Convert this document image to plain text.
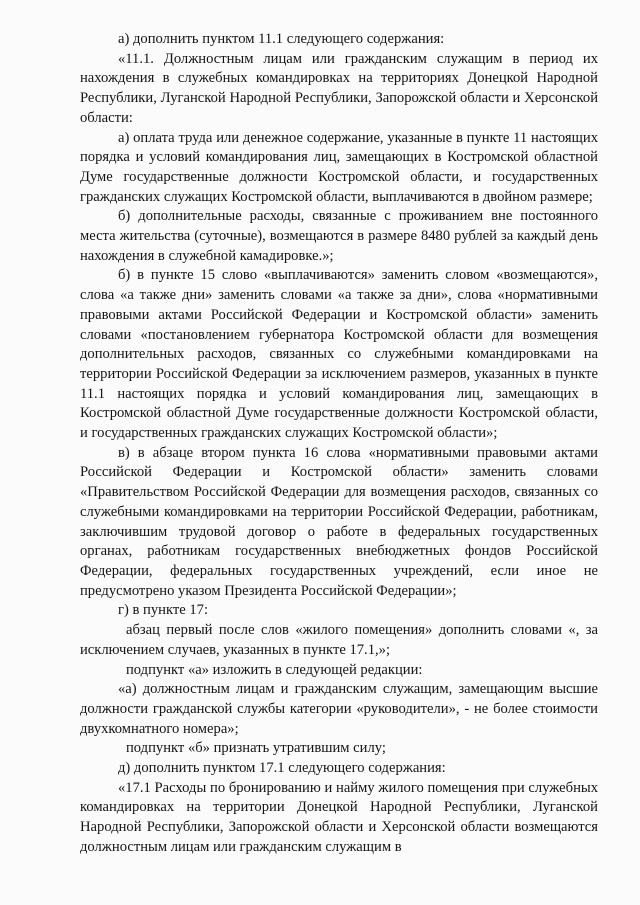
а) дополнить пунктом 11.1 следующего содержания:

«11.1. Должностным лицам или гражданским служащим в период их нахождения в служебных командировках на территориях Донецкой Народной Республики, Луганской Народной Республики, Запорожской области и Херсонской области:

а) оплата труда или денежное содержание, указанные в пункте 11 настоящих порядка и условий командирования лиц, замещающих в Костромской областной Думе государственные должности Костромской области, и государственных гражданских служащих Костромской области, выплачиваются в двойном размере;

б) дополнительные расходы, связанные с проживанием вне постоянного места жительства (суточные), возмещаются в размере 8480 рублей за каждый день нахождения в служебной камадировке.»;

б) в пункте 15 слово «выплачиваются» заменить словом «возмещаются», слова «а также дни» заменить словами «а также за дни», слова «нормативными правовыми актами Российской Федерации и Костромской области» заменить словами «постановлением губернатора Костромской области для возмещения дополнительных расходов, связанных со служебными командировками на территории Российской Федерации за исключением размеров, указанных в пункте 11.1 настоящих порядка и условий командирования лиц, замещающих в Костромской областной Думе государственные должности Костромской области, и государственных гражданских служащих Костромской области»;

в) в абзаце втором пункта 16 слова «нормативными правовыми актами Российской Федерации и Костромской области» заменить словами «Правительством Российской Федерации для возмещения расходов, связанных со служебными командировками на территории Российской Федерации, работникам, заключившим трудовой договор о работе в федеральных государственных органах, работникам государственных внебюджетных фондов Российской Федерации, федеральных государственных учреждений, если иное не предусмотрено указом Президента Российской Федерации»;

г) в пункте 17:

абзац первый после слов «жилого помещения» дополнить словами «, за исключением случаев, указанных в пункте 17.1,»;

подпункт «а» изложить в следующей редакции:

«а) должностным лицам и гражданским служащим, замещающим высшие должности гражданской службы категории «руководители», - не более стоимости двухкомнатного номера»;

подпункт «б» признать утратившим силу;

д) дополнить пунктом 17.1 следующего содержания:

«17.1 Расходы по бронированию и найму жилого помещения при служебных командировках на территории Донецкой Народной Республики, Луганской Народной Республики, Запорожской области и Херсонской области возмещаются должностным лицам или гражданским служащим в
